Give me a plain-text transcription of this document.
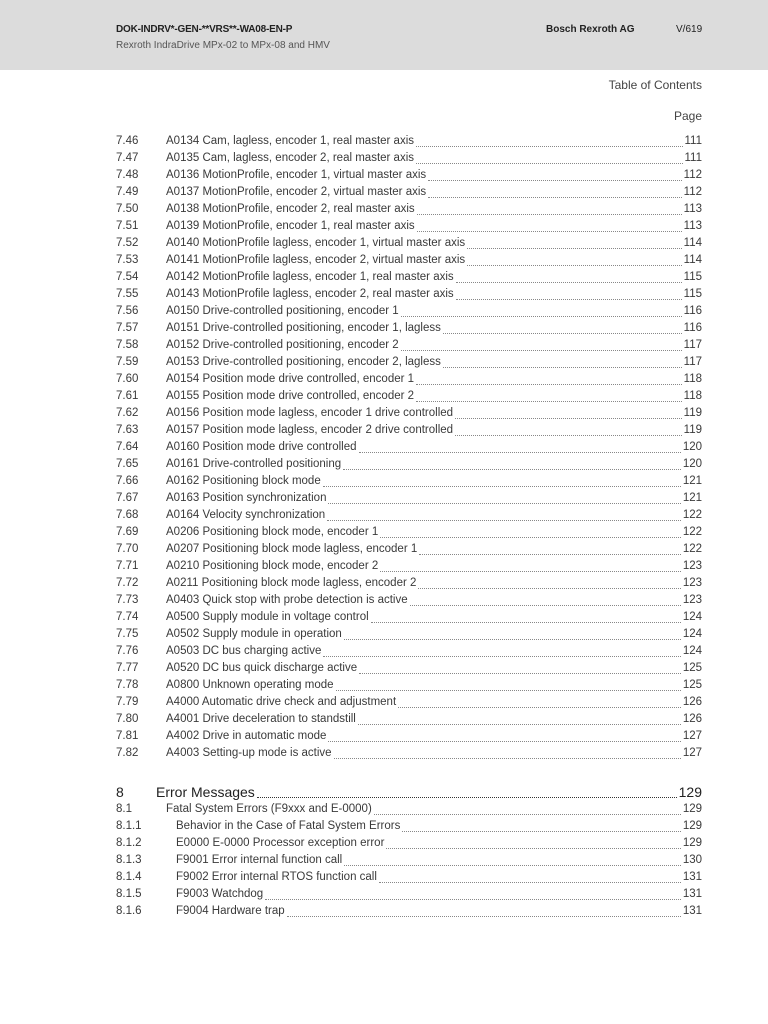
DOK-INDRV*-GEN-**VRS**-WA08-EN-P
Rexroth IndraDrive MPx-02 to MPx-08 and HMV
Bosch Rexroth AG	V/619
Table of Contents
Page
7.46	A0134 Cam, lagless, encoder 1, real master axis	111
7.47	A0135 Cam, lagless, encoder 2, real master axis	111
7.48	A0136 MotionProfile, encoder 1, virtual master axis	112
7.49	A0137 MotionProfile, encoder 2, virtual master axis	112
7.50	A0138 MotionProfile, encoder 2, real master axis	113
7.51	A0139 MotionProfile, encoder 1, real master axis	113
7.52	A0140 MotionProfile lagless, encoder 1, virtual master axis	114
7.53	A0141 MotionProfile lagless, encoder 2, virtual master axis	114
7.54	A0142 MotionProfile lagless, encoder 1, real master axis	115
7.55	A0143 MotionProfile lagless, encoder 2, real master axis	115
7.56	A0150 Drive-controlled positioning, encoder 1	116
7.57	A0151 Drive-controlled positioning, encoder 1, lagless	116
7.58	A0152 Drive-controlled positioning, encoder 2	117
7.59	A0153 Drive-controlled positioning, encoder 2, lagless	117
7.60	A0154 Position mode drive controlled, encoder 1	118
7.61	A0155 Position mode drive controlled, encoder 2	118
7.62	A0156 Position mode lagless, encoder 1 drive controlled	119
7.63	A0157 Position mode lagless, encoder 2 drive controlled	119
7.64	A0160 Position mode drive controlled	120
7.65	A0161 Drive-controlled positioning	120
7.66	A0162 Positioning block mode	121
7.67	A0163 Position synchronization	121
7.68	A0164 Velocity synchronization	122
7.69	A0206 Positioning block mode, encoder 1	122
7.70	A0207 Positioning block mode lagless, encoder 1	122
7.71	A0210 Positioning block mode, encoder 2	123
7.72	A0211 Positioning block mode lagless, encoder 2	123
7.73	A0403 Quick stop with probe detection is active	123
7.74	A0500 Supply module in voltage control	124
7.75	A0502 Supply module in operation	124
7.76	A0503 DC bus charging active	124
7.77	A0520 DC bus quick discharge active	125
7.78	A0800 Unknown operating mode	125
7.79	A4000 Automatic drive check and adjustment	126
7.80	A4001 Drive deceleration to standstill	126
7.81	A4002 Drive in automatic mode	127
7.82	A4003 Setting-up mode is active	127
8	Error Messages	129
8.1	Fatal System Errors (F9xxx and E-0000)	129
8.1.1	Behavior in the Case of Fatal System Errors	129
8.1.2	E0000 E-0000 Processor exception error	129
8.1.3	F9001 Error internal function call	130
8.1.4	F9002 Error internal RTOS function call	131
8.1.5	F9003 Watchdog	131
8.1.6	F9004 Hardware trap	131
